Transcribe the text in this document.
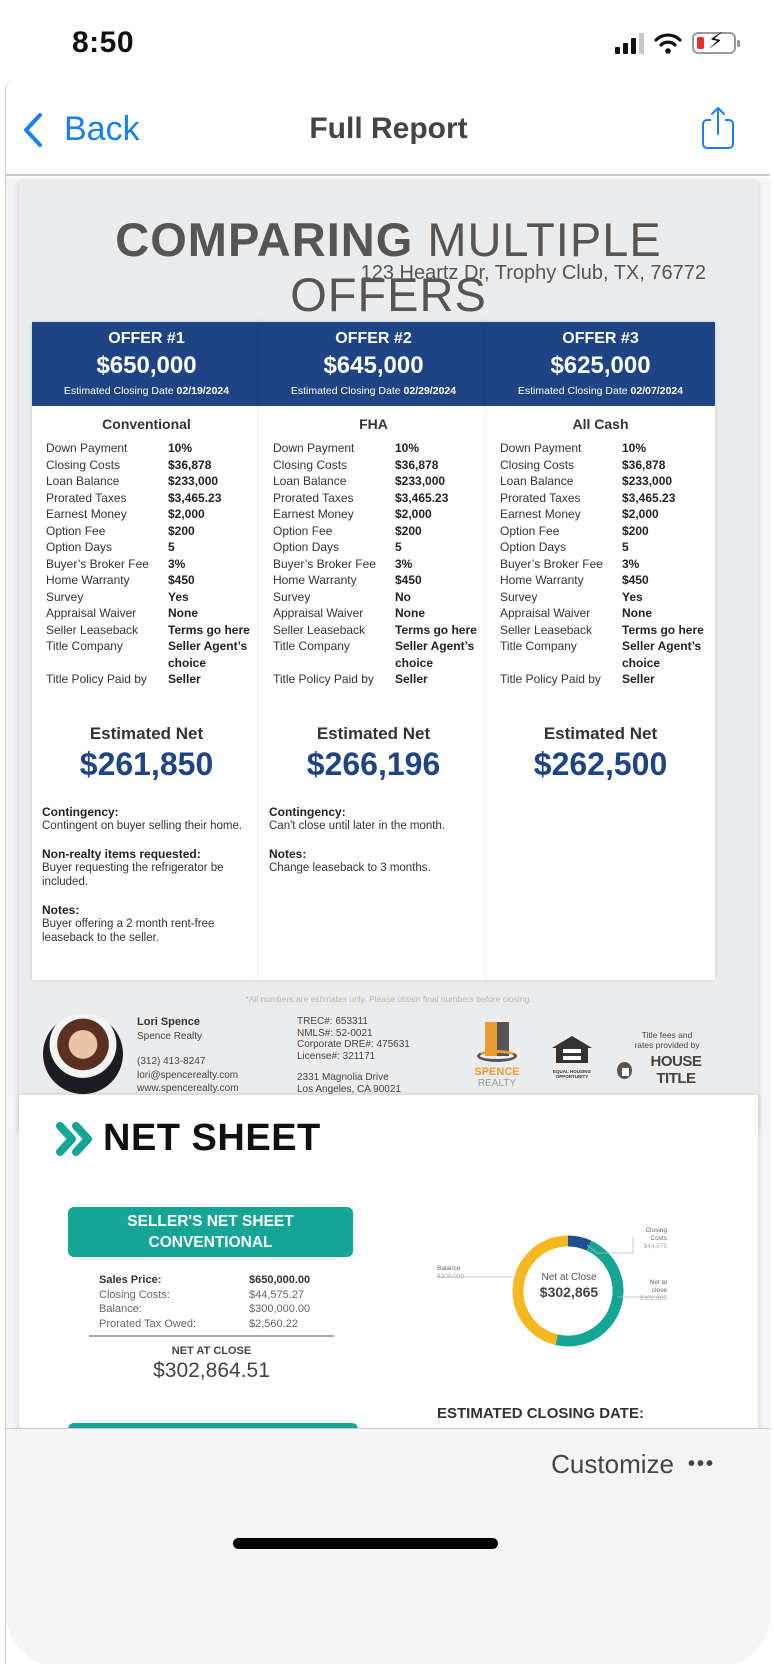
8:50	⚡
Back	Full Report
COMPARING MULTIPLE OFFERS
123 Heartz Dr, Trophy Club, TX, 76772
OFFER #1
$650,000
Estimated Closing Date 02/19/2024
Conventional
Down Payment	10%
Closing Costs	$36,878
Loan Balance	$233,000
Prorated Taxes	$3,465.23
Earnest Money	$2,000
Option Fee	$200
Option Days	5
Buyer’s Broker Fee	3%
Home Warranty	$450
Survey	Yes
Appraisal Waiver	None
Seller Leaseback	Terms go here
Title Company	Seller Agent’s choice
Title Policy Paid by	Seller
Estimated Net
$261,850
Contingency:
Contingent on buyer selling their home.
Non-realty items requested:
Buyer requesting the refrigerator be included.
Notes:
Buyer offering a 2 month rent-free leaseback to the seller.
OFFER #2
$645,000
Estimated Closing Date 02/29/2024
FHA
Down Payment	10%
Closing Costs	$36,878
Loan Balance	$233,000
Prorated Taxes	$3,465.23
Earnest Money	$2,000
Option Fee	$200
Option Days	5
Buyer’s Broker Fee	3%
Home Warranty	$450
Survey	No
Appraisal Waiver	None
Seller Leaseback	Terms go here
Title Company	Seller Agent’s choice
Title Policy Paid by	Seller
Estimated Net
$266,196
Contingency:
Can't close until later in the month.
Notes:
Change leaseback to 3 months.
OFFER #3
$625,000
Estimated Closing Date 02/07/2024
All Cash
Down Payment	10%
Closing Costs	$36,878
Loan Balance	$233,000
Prorated Taxes	$3,465.23
Earnest Money	$2,000
Option Fee	$200
Option Days	5
Buyer’s Broker Fee	3%
Home Warranty	$450
Survey	Yes
Appraisal Waiver	None
Seller Leaseback	Terms go here
Title Company	Seller Agent’s choice
Title Policy Paid by	Seller
Estimated Net
$262,500
*All numbers are estimates only. Please obtain final numbers before closing.
Lori Spence
Spence Realty
(312) 413-8247
lori@spencerealty.com
www.spencerealty.com
TREC#: 653311
NMLS#: 52-0021
Corporate DRE#: 475631
License#: 321171
2331 Magnolia Drive
Los Angeles, CA 90021
SPENCE
REALTY
EQUAL HOUSING
OPPORTUNITY
Title fees and
rates provided by
HOUSE TITLE
NET SHEET
SELLER'S NET SHEET
CONVENTIONAL
Sales Price:	$650,000.00
Closing Costs:	$44,575.27
Balance:	$300,000.00
Prorated Tax Owed:	$2,560.22
NET AT CLOSE
$302,864.51
Net at Close
$302,865
Closing
Costs
$44,575
Net at
close
$302,865
Balance
$300,000
ESTIMATED CLOSING DATE:
Customize •••
